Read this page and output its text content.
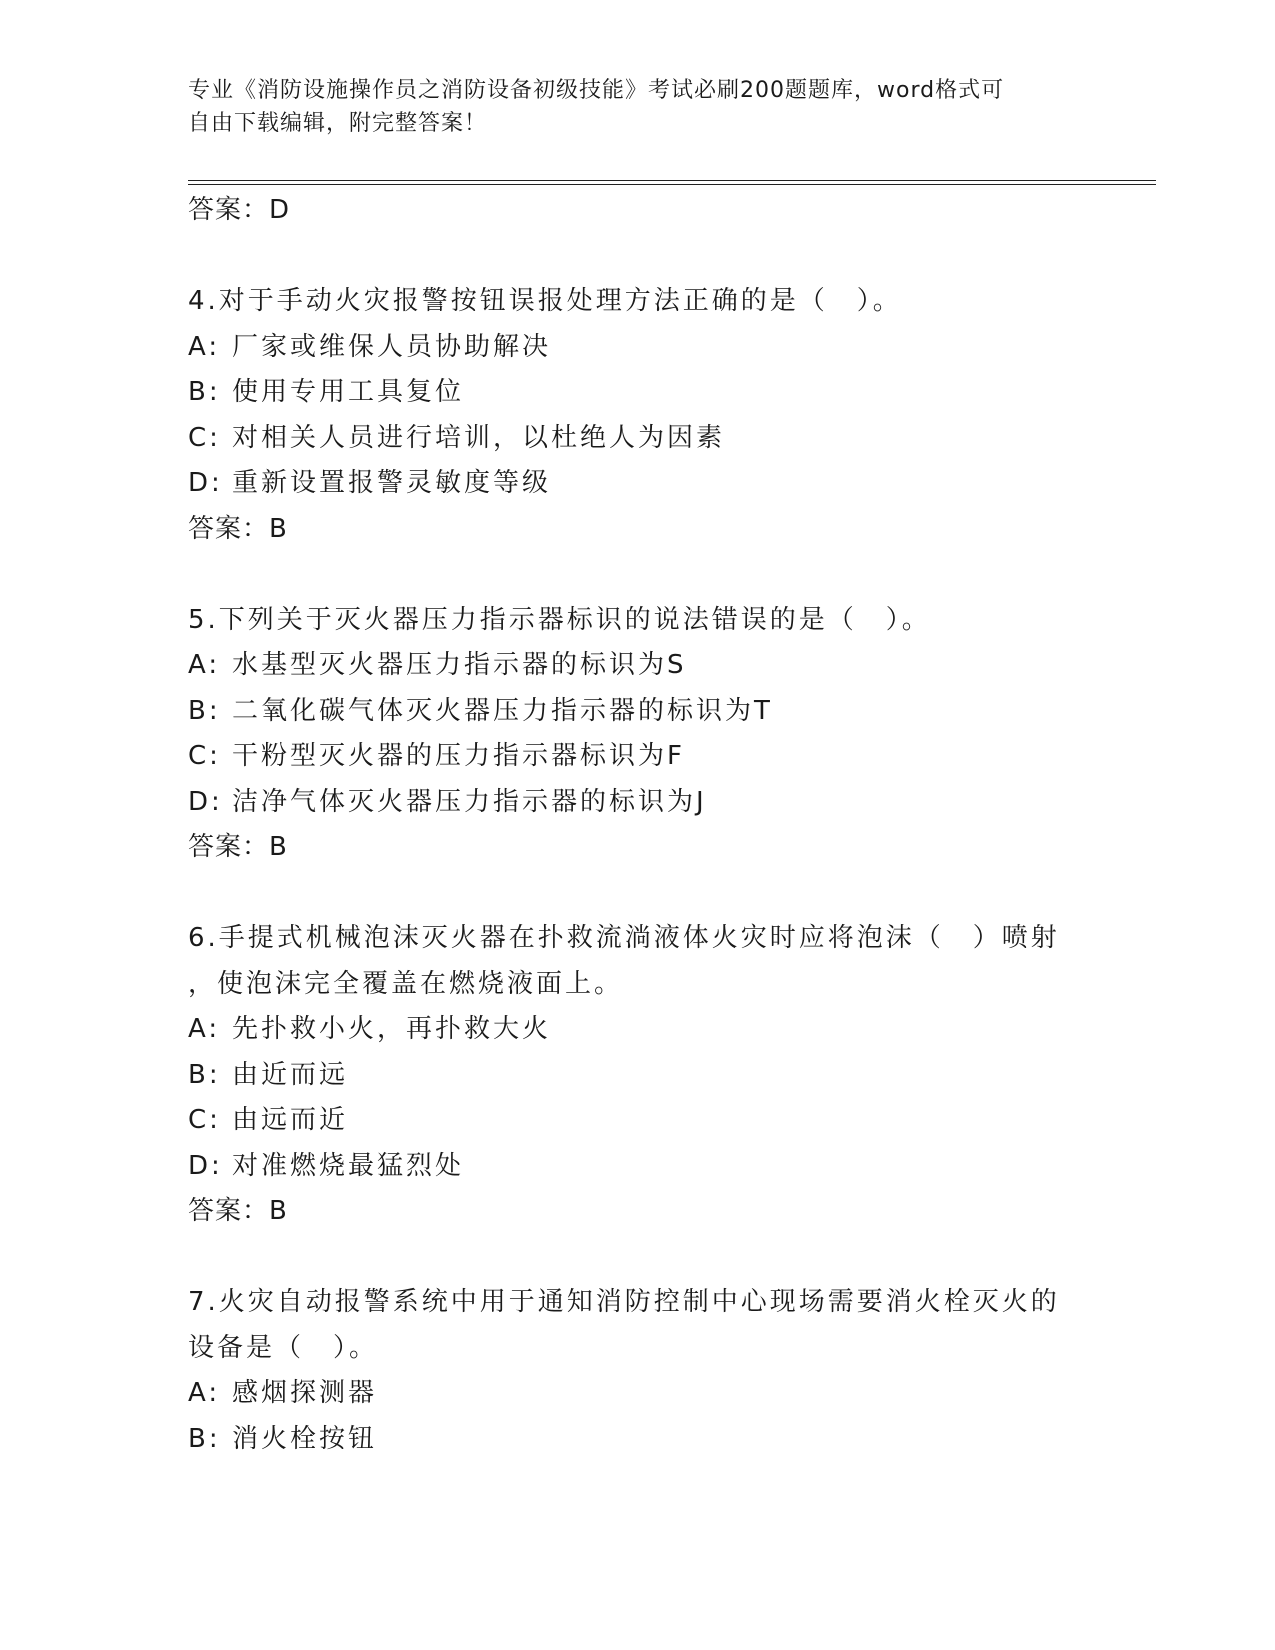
专业《消防设施操作员之消防设备初级技能》考试必刷200题题库，word格式可
自由下载编辑，附完整答案！
答案：D
4.对于手动火灾报警按钮误报处理方法正确的是（　）。
A: 厂家或维保人员协助解决
B: 使用专用工具复位
C: 对相关人员进行培训，以杜绝人为因素
D: 重新设置报警灵敏度等级
答案：B
5.下列关于灭火器压力指示器标识的说法错误的是（　）。
A: 水基型灭火器压力指示器的标识为S
B: 二氧化碳气体灭火器压力指示器的标识为T
C: 干粉型灭火器的压力指示器标识为F
D: 洁净气体灭火器压力指示器的标识为J
答案：B
6.手提式机械泡沫灭火器在扑救流淌液体火灾时应将泡沫（　）喷射
，使泡沫完全覆盖在燃烧液面上。
A: 先扑救小火，再扑救大火
B: 由近而远
C: 由远而近
D: 对准燃烧最猛烈处
答案：B
7.火灾自动报警系统中用于通知消防控制中心现场需要消火栓灭火的
设备是（　）。
A: 感烟探测器
B: 消火栓按钮
